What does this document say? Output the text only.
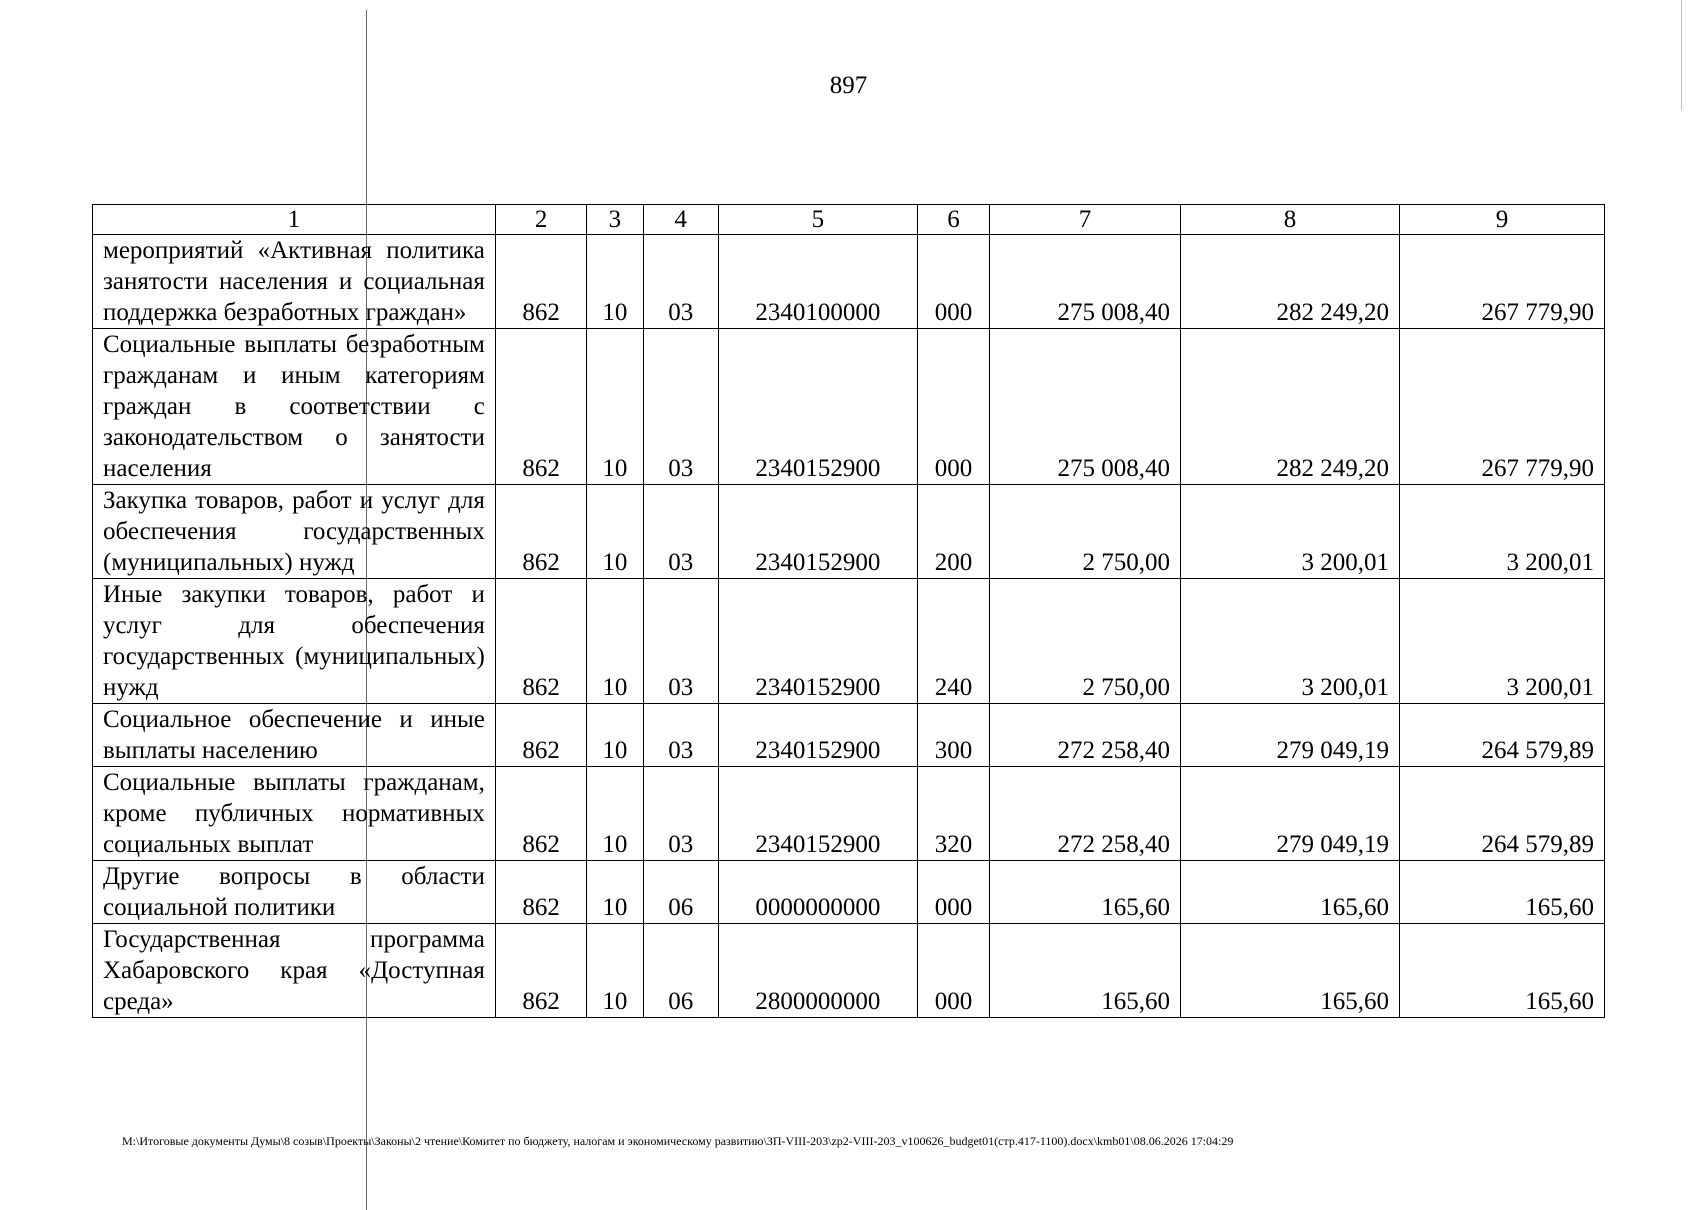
897
1	2	3	4	5	6	7	8	9
мероприятий «Активная политика занятости населения и социальная поддержка безработных граждан»	862	10	03	2340100000	000	275 008,40	282 249,20	267 779,90
Социальные выплаты безработным гражданам и иным категориям граждан в соответствии с законодательством о занятости населения	862	10	03	2340152900	000	275 008,40	282 249,20	267 779,90
Закупка товаров, работ и услуг для обеспечения государственных (муниципальных) нужд	862	10	03	2340152900	200	2 750,00	3 200,01	3 200,01
Иные закупки товаров, работ и услуг для обеспечения государственных (муниципальных) нужд	862	10	03	2340152900	240	2 750,00	3 200,01	3 200,01
Социальное обеспечение и иные выплаты населению	862	10	03	2340152900	300	272 258,40	279 049,19	264 579,89
Социальные выплаты гражданам, кроме публичных нормативных социальных выплат	862	10	03	2340152900	320	272 258,40	279 049,19	264 579,89
Другие вопросы в области социальной политики	862	10	06	0000000000	000	165,60	165,60	165,60
Государственная программа Хабаровского края «Доступная среда»	862	10	06	2800000000	000	165,60	165,60	165,60
M:\Итоговые документы Думы\8 созыв\Проекты\Законы\2 чтение\Комитет по бюджету, налогам и экономическому развитию\ЗП-VIII-203\zp2-VIII-203_v100626_budget01(стр.417-1100).docx\kmb01\08.06.2026 17:04:29
